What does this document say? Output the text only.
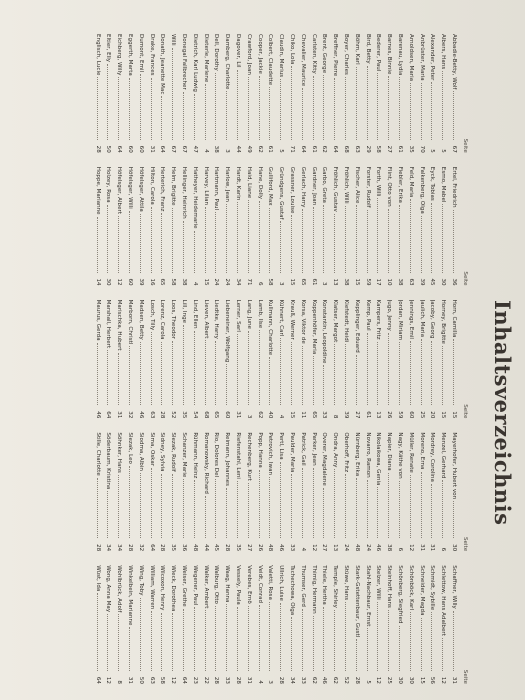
Inhaltsverzeichnis
Seite
Abbadie-Betty, Wolf
67
Albers, Hans
5
Alexander, Peter
5
Anbrüster, Maria
70
Arnoldsen, Maria
35
Barenau, Lydia
61
Barnes, Binnie
27
Bederer, Paul
58
Bird, Betty
29
Böhm, Karl
63
Boyer, Charles
68
Breffner, Pierre
64
Brent, George
62
Carlsten, Kitty
61
Chevalier, Maurice
64
Chiko, Lola
71
Claudin, Marius
5
Colbert, Claudette
61
Cooper, Jackie
62
Crawford, Joan
49
Dagover, Lil
44
Damberg, Charlotte
3
Dell, Dorothy
38
Dieterle, Marlene
4
Dietrich, Karl Ludwig
47
Donegal Fallbrecher
67
Willi
67
Donath, Jeanette Mac
64
Drake, Frances
31
Dumont, Emil
60
Eggerth, Marta
60
Eichberg, Willy
64
Eltier, Elly
50
Englisch, Lucie
28
Seite
Ertel, Friedrich
36
Esmo, Mabel
30
Eyck, Tobias
45
Falkenberg, Olga
39
Feld, Maria
63
Fiebler, Erika
38
Flint, Otto von
10
Forth, Willi
17
Forster, Rudolf
59
Fischer, Alice
15
Fröhlich, Willi
38
Fröhlich, Gustav
13
Garbo, Greta
3
Gardner, Joan
61
Gerlach, Harry
65
Grassner, Louise
15
Gründgens, Gustaf
3
Gulliford, Max
58
Hane, Dolly
6
Haid, Liane
71
Hardt, Karin
34
Harlow, Jean
24
Hartmann, Paul
24
Harvey, Lilian
15
Hatheyer, Heidemarie
4
Hellinger, Heinrich
38
Helm, Brigitte
58
Herterich, Franz
65
Hilton, Carola
16
Höfelsger, Attila
39
Höfelsger, Willi
60
Höfelsger, Albert
12
Holzey, Rosa
30
Hoppe, Marianne
14
Seite
Horn, Camilla
15
Horney, Brigitte
15
Jacoby, Georg
20
Jaulich, Maria
25
Jennings, Emil
60
Jordan, Miriam
59
Jugo, Jenny
26
Kampers, Fritz
13
Kemp, Paul
61
Kepplinger, Eduard
27
Kiefstedt, Heidi
39
Klatser, Margot
8
Konstantin, Leopoldine
33
Koppenhöfer, Maria
65
Korsa, Viktor de
11
Krauß, Werner
15
Kühnert, Carl
4
Kullmann, Charlotte
40
Lamb, Ilse
62
Lang, June
3
Lerner, Sarl
31
Liebeneiner, Wolfgang
60
Liedtke, Harry
65
Lieven, Albert
68
Lind, Ellen
54
Lill, Inge
35
Loos, Theodor
52
Lorenz, Carola
28
Losch, Tilly
63
Madsen, Betty
46
Marborn, Christl
32
Marischka, Hubert
31
Marshall, Herbert
64
Maurus, Gerda
46
Seite
Mayerhofer, Hubert von
30
Menzel, Gerhard
6
Mordrey, Corolina
31
Moreno, Erna
31
Müller, Renate
12
Nagy, Käthe von
6
Napier, Diana
38
Nikolaikowa, Genia
46
Novarro, Ramon
24
Nürnberg, Erika
48
Oberhoff, Fritz
24
Ondra, Anny
13
Overer, Magdalene
27
Parker, Jean
12
Patrick, Gail
4
Paulder, Maria
33
Pertl, Lisa
46
Petrovich, Iwan
48
Popp, Hanna
26
Rechenberg, Kurt
27
Riefenstahl, Leni
35
Reimann, Johannes
28
Rio, Dolores Del
45
Romanowsky, Richard
44
Rühmann, Heinz
48
Schanzer, Marie
36
Slezak, Rudolf
35
Sidney, Sylvia
28
Sima, Oskar
64
Siodma, Albin
32
Slezak, Leo
28
Söhnker, Hans
34
Söderbaum, Kristina
34
Stille, Charlotte
28
Seite
Schaffner, Willy
31
Schlettow, Hans Adalbert
12
Schmidt, Sybille
56
Schneider, Magda
15
Schönböck, Karl
30
Schönberg, Siegfried
30
Steinhoff, Hans
25
Stelzer, Willi
12
Stahl-Nachbaur, Ernst
5
Stark-Gstettenbaur, Gustl
28
Stüwe, Hans
52
Temple, Shirley
62
Thiele, Hertha
46
Thimig, Hermann
62
Thumser, Gerd
33
Tschechowa, Olga
34
Ullrich, Luise
28
Valetti, Rosa
3
Veidt, Conrad
4
Verebes, Ernö
31
Vessely, Paula
28
Waag, Hanna
33
Walburg, Otto
28
Walker, Ambert
22
Wegener, Paul
23
Weiser, Grethe
64
Wieck, Dorothea
12
Wilcoxon, Henry
58
William, Warren
63
Wing, Toby
50
Winkelbein, Marianne
31
Wohlbrück, Adolf
8
Wong, Anna May
12
Wüst, Ida
64
